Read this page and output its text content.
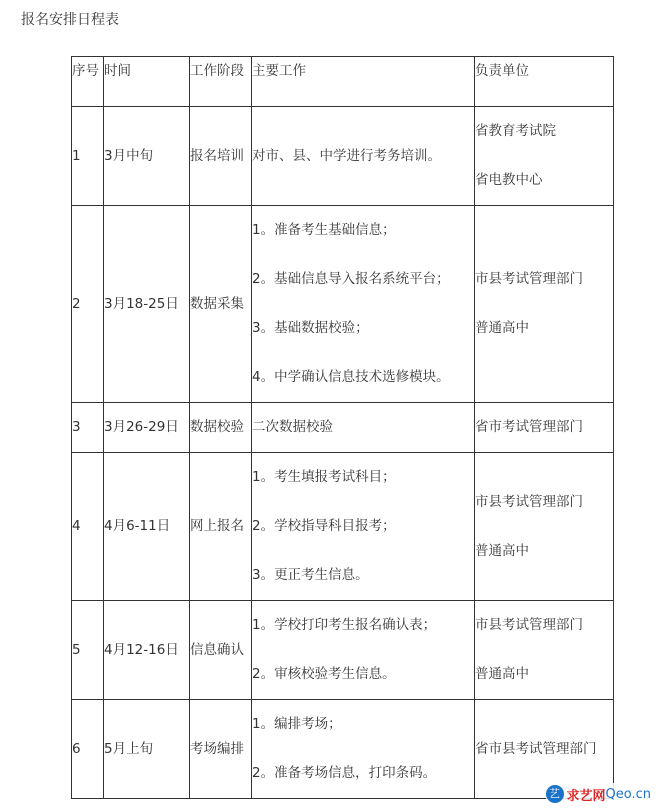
报名安排日程表
序号	时间	工作阶段	主要工作	负责单位
1	3月中旬	报名培训	对市、县、中学进行考务培训。	省教育考试院
省电教中心

2	3月18-25日	数据采集	1。准备考生基础信息；
2。基础信息导入报名系统平台；
3。基础数据校验；
4。中学确认信息技术选修模块。	市县考试管理部门
普通高中

3	3月26-29日	数据校验	二次数据校验	省市考试管理部门

4	4月6-11日	网上报名	1。考生填报考试科目；
2。学校指导科目报考；
3。更正考生信息。	市县考试管理部门
普通高中

5	4月12-16日	信息确认	1。学校打印考生报名确认表；
2。审核校验考生信息。	市县考试管理部门
普通高中

6	5月上旬	考场编排	1。编排考场；
2。准备考场信息，打印条码。	省市县考试管理部门
艺 求艺网 Qeo.cn
